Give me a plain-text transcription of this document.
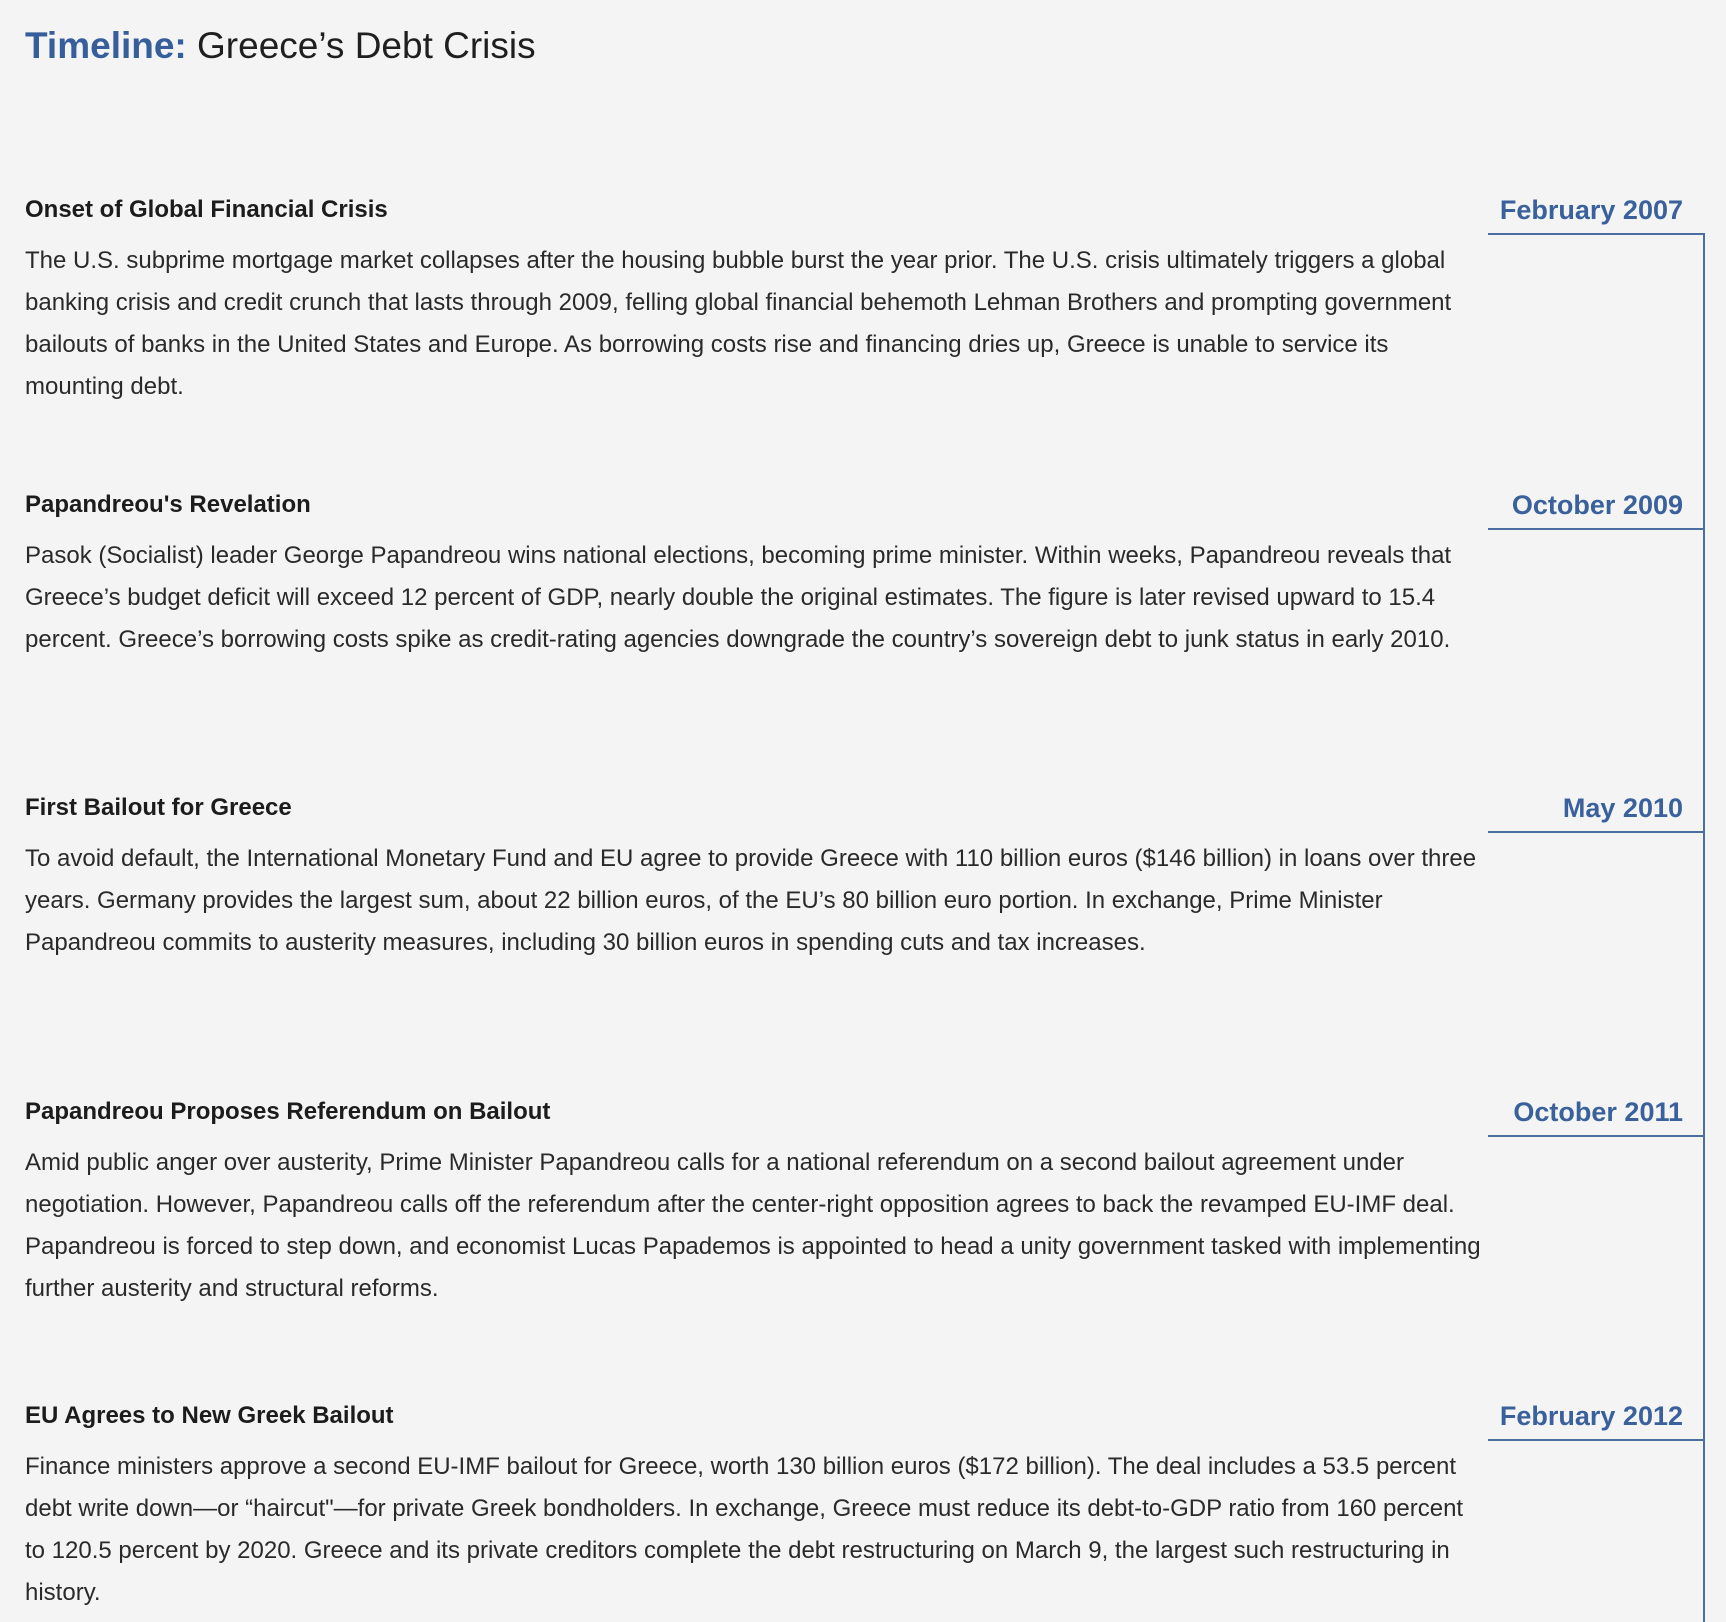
Timeline: Greece’s Debt Crisis
Onset of Global Financial Crisis	February 2007

The U.S. subprime mortgage market collapses after the housing bubble burst the year prior. The U.S. crisis ultimately triggers a global banking crisis and credit crunch that lasts through 2009, felling global financial behemoth Lehman Brothers and prompting government bailouts of banks in the United States and Europe. As borrowing costs rise and financing dries up, Greece is unable to service its mounting debt.

Papandreou's Revelation	October 2009

Pasok (Socialist) leader George Papandreou wins national elections, becoming prime minister. Within weeks, Papandreou reveals that Greece’s budget deficit will exceed 12 percent of GDP, nearly double the original estimates. The figure is later revised upward to 15.4 percent. Greece’s borrowing costs spike as credit-rating agencies downgrade the country’s sovereign debt to junk status in early 2010.

First Bailout for Greece	May 2010

To avoid default, the International Monetary Fund and EU agree to provide Greece with 110 billion euros ($146 billion) in loans over three years. Germany provides the largest sum, about 22 billion euros, of the EU’s 80 billion euro portion. In exchange, Prime Minister Papandreou commits to austerity measures, including 30 billion euros in spending cuts and tax increases.

Papandreou Proposes Referendum on Bailout	October 2011

Amid public anger over austerity, Prime Minister Papandreou calls for a national referendum on a second bailout agreement under negotiation. However, Papandreou calls off the referendum after the center-right opposition agrees to back the revamped EU-IMF deal. Papandreou is forced to step down, and economist Lucas Papademos is appointed to head a unity government tasked with implementing further austerity and structural reforms.

EU Agrees to New Greek Bailout	February 2012

Finance ministers approve a second EU-IMF bailout for Greece, worth 130 billion euros ($172 billion). The deal includes a 53.5 percent debt write down—or “haircut"—for private Greek bondholders. In exchange, Greece must reduce its debt-to-GDP ratio from 160 percent to 120.5 percent by 2020. Greece and its private creditors complete the debt restructuring on March 9, the largest such restructuring in history.
